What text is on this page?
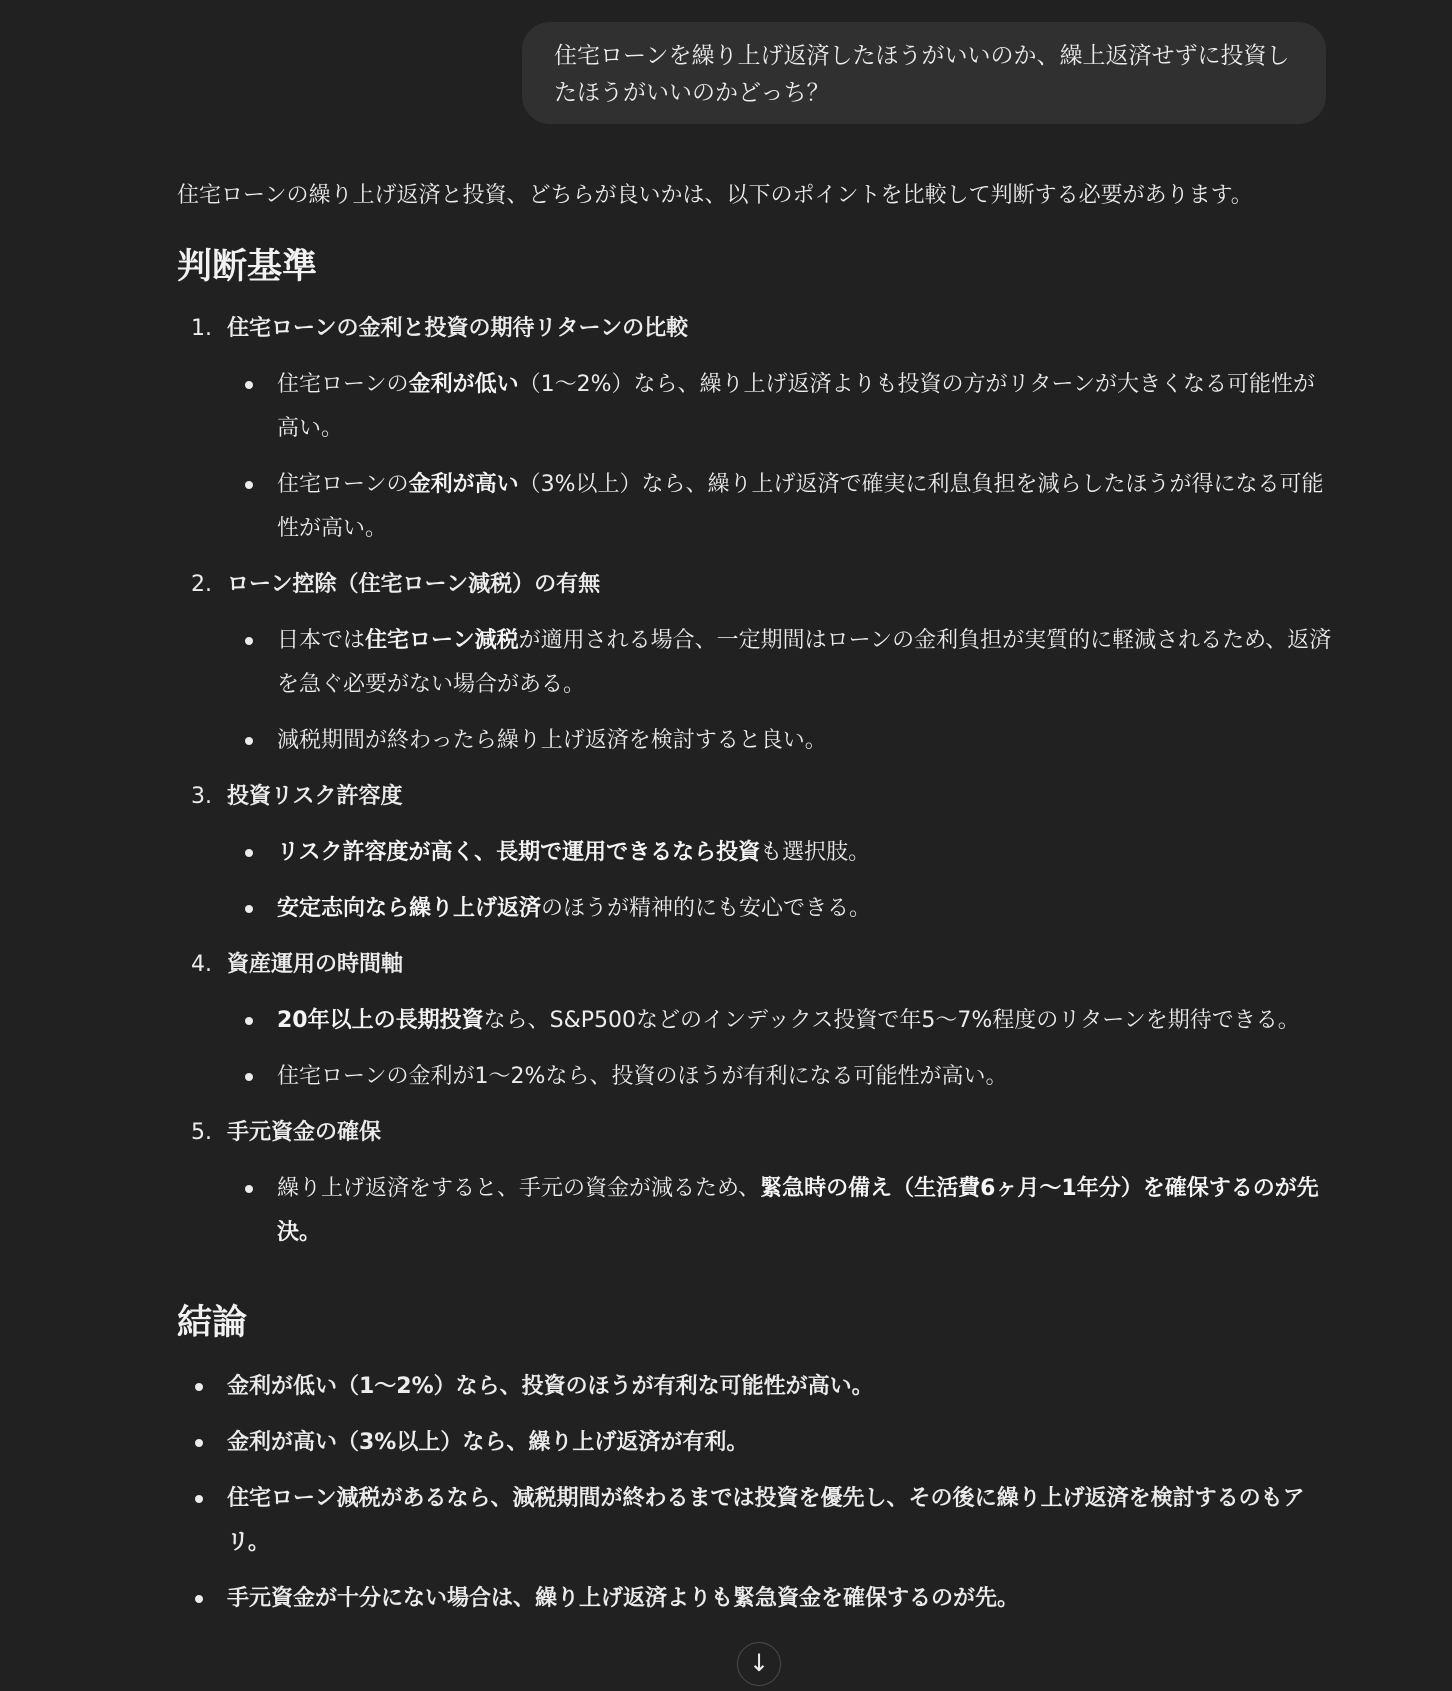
住宅ローンを繰り上げ返済したほうがいいのか、繰上返済せずに投資したほうがいいのかどっち？

住宅ローンの繰り上げ返済と投資、どちらが良いかは、以下のポイントを比較して判断する必要があります。

判断基準
1. 住宅ローンの金利と投資の期待リターンの比較
住宅ローンの金利が低い（1〜2%）なら、繰り上げ返済よりも投資の方がリターンが大きくなる可能性が高い。
住宅ローンの金利が高い（3%以上）なら、繰り上げ返済で確実に利息負担を減らしたほうが得になる可能性が高い。
2. ローン控除（住宅ローン減税）の有無
日本では住宅ローン減税が適用される場合、一定期間はローンの金利負担が実質的に軽減されるため、返済を急ぐ必要がない場合がある。
減税期間が終わったら繰り上げ返済を検討すると良い。
3. 投資リスク許容度
リスク許容度が高く、長期で運用できるなら投資も選択肢。
安定志向なら繰り上げ返済のほうが精神的にも安心できる。
4. 資産運用の時間軸
20年以上の長期投資なら、S&P500などのインデックス投資で年5〜7%程度のリターンを期待できる。
住宅ローンの金利が1〜2%なら、投資のほうが有利になる可能性が高い。
5. 手元資金の確保
繰り上げ返済をすると、手元の資金が減るため、緊急時の備え（生活費6ヶ月〜1年分）を確保するのが先決。
結論
金利が低い（1〜2%）なら、投資のほうが有利な可能性が高い。
金利が高い（3%以上）なら、繰り上げ返済が有利。
住宅ローン減税があるなら、減税期間が終わるまでは投資を優先し、その後に繰り上げ返済を検討するのもアリ。
手元資金が十分にない場合は、繰り上げ返済よりも緊急資金を確保するのが先。
↓
